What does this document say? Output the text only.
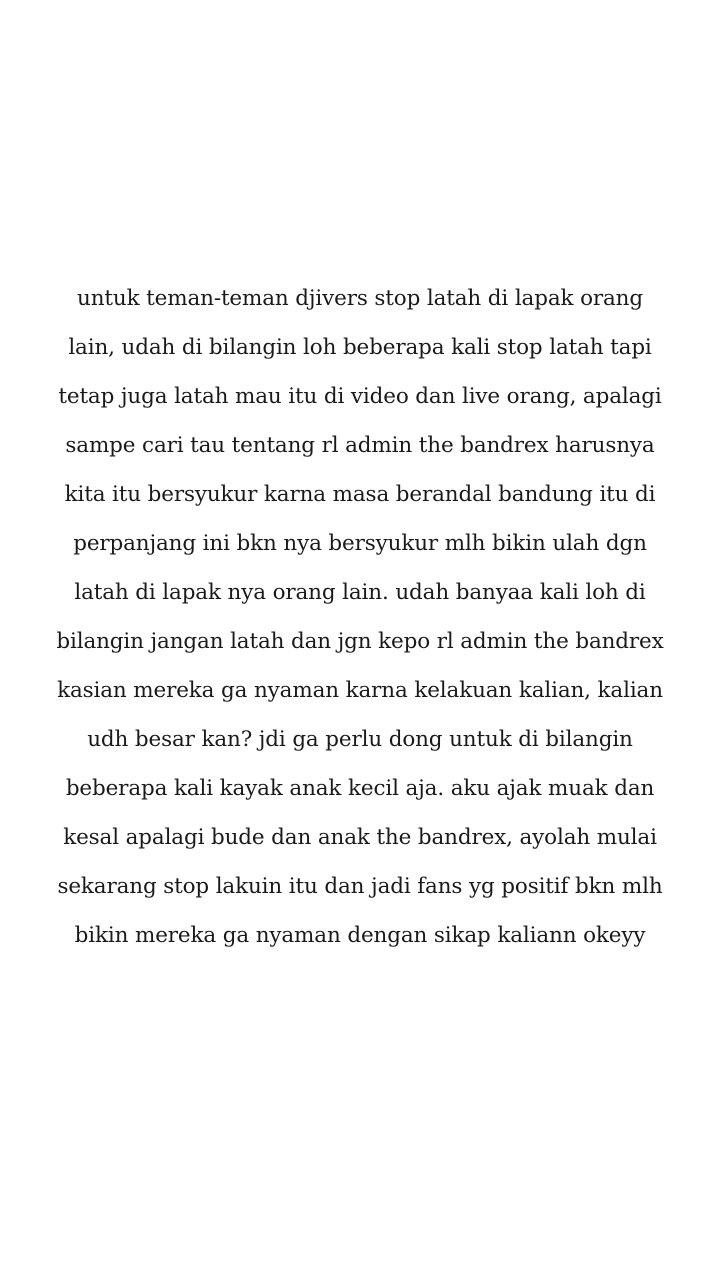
untuk teman-teman djivers stop latah di lapak orang
lain, udah di bilangin loh beberapa kali stop latah tapi
tetap juga latah mau itu di video dan live orang, apalagi
sampe cari tau tentang rl admin the bandrex harusnya
kita itu bersyukur karna masa berandal bandung itu di
perpanjang ini bkn nya bersyukur mlh bikin ulah dgn
latah di lapak nya orang lain. udah banyaa kali loh di
bilangin jangan latah dan jgn kepo rl admin the bandrex
kasian mereka ga nyaman karna kelakuan kalian, kalian
udh besar kan? jdi ga perlu dong untuk di bilangin
beberapa kali kayak anak kecil aja. aku ajak muak dan
kesal apalagi bude dan anak the bandrex, ayolah mulai
sekarang stop lakuin itu dan jadi fans yg positif bkn mlh
bikin mereka ga nyaman dengan sikap kaliann okeyy
